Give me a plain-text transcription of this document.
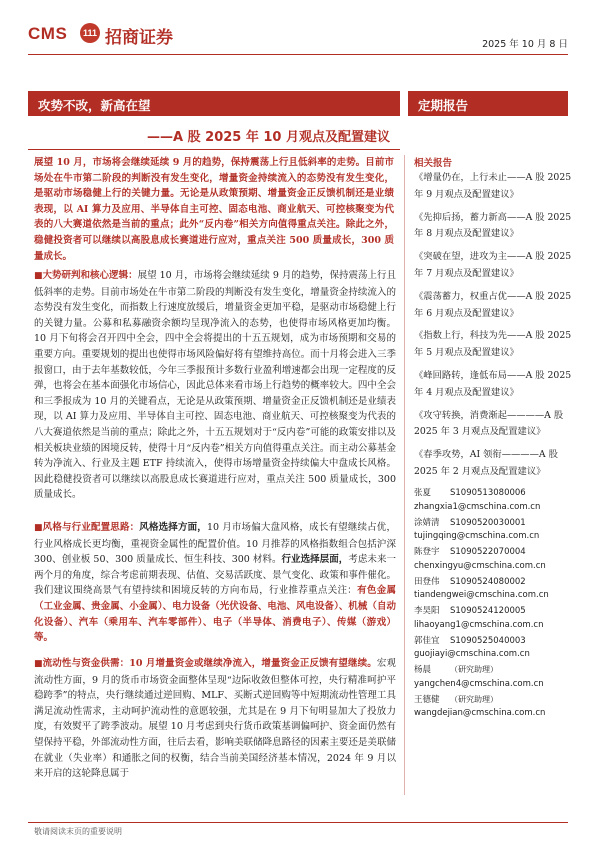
CMS	111 招商证券	2025 年 10 月 8 日
攻势不改，新高在望	定期报告
——A 股 2025 年 10 月观点及配置建议
展望 10 月，市场将会继续延续 9 月的趋势，保持震荡上行且低斜率的走势。目前市场处在牛市第二阶段的判断没有发生变化，增量资金持续流入的态势没有发生变化，是驱动市场稳健上行的关键力量。无论是从政策预期、增量资金正反馈机制还是业绩表现，以 AI 算力及应用、半导体自主可控、固态电池、商业航天、可控核聚变为代表的八大赛道依然是当前的重点；此外“反内卷”相关方向值得重点关注。除此之外，稳健投资者可以继续以高股息成长赛道进行应对，重点关注 500 质量成长，300 质量成长。

■大势研判和核心逻辑：展望 10 月，市场将会继续延续 9 月的趋势，保持震荡上行且低斜率的走势。目前市场处在牛市第二阶段的判断没有发生变化，增量资金持续流入的态势没有发生变化，而指数上行速度放缓后，增量资金更加平稳，是驱动市场稳健上行的关键力量。公募和私募融资余额均呈现净流入的态势，也使得市场风格更加均衡。10 月下旬将会召开四中全会，四中全会将提出的十五五规划，成为市场预期和交易的重要方向。重要规划的提出也使得市场风险偏好将有望维持高位。而十月将会进入三季报窗口，由于去年基数较低，今年三季报预计多数行业盈利增速都会出现一定程度的反弹，也将会在基本面强化市场信心，因此总体来看市场上行趋势的概率较大。四中全会和三季报成为 10 月的关键看点，无论是从政策预期、增量资金正反馈机制还是业绩表现，以 AI 算力及应用、半导体自主可控、固态电池、商业航天、可控核聚变为代表的八大赛道依然是当前的重点；除此之外，十五五规划对于“反内卷”可能的政策安排以及相关板块业绩的困境反转，使得十月“反内卷”相关方向值得重点关注。而主动公募基金转为净流入、行业及主题 ETF 持续流入，使得市场增量资金持续偏大中盘成长风格。因此稳健投资者可以继续以高股息成长赛道进行应对，重点关注 500 质量成长，300 质量成长。

■风格与行业配置思路：风格选择方面，10 月市场偏大盘风格，成长有望继续占优，行业风格成长更均衡，重视资金属性的配置价值。10 月推荐的风格指数组合包括沪深 300、创业板 50、300 质量成长、恒生科技、300 材料。行业选择层面，考虑未来一两个月的角度，综合考虑前期表现、估值、交易活跃度、景气变化、政策和事件催化。我们建议围绕高景气有望持续和困境反转的方向布局，行业推荐重点关注：有色金属（工业金属、贵金属、小金属）、电力设备（光伏设备、电池、风电设备）、机械（自动化设备）、汽车（乘用车、汽车零部件）、电子（半导体、消费电子）、传媒（游戏）等。

■流动性与资金供需：10 月增量资金或继续净流入，增量资金正反馈有望继续。宏观流动性方面，9 月的货币市场资金面整体呈现“边际收敛但整体可控，央行精准呵护平稳跨季”的特点，央行继续通过逆回购、MLF、买断式逆回购等中短期流动性管理工具满足流动性需求，主动呵护流动性的意愿较强，尤其是在 9 月下旬明显加大了投放力度，有效熨平了跨季波动。展望 10 月考虑到央行货币政策基调偏呵护、资金面仍然有望保持平稳，外部流动性方面，往后去看，影响美联储降息路径的因素主要还是美联储在就业（失业率）和通胀之间的权衡，结合当前美国经济基本情况，2024 年 9 月以来开启的这轮降息属于

相关报告
《增量仍在，上行未止——A 股 2025 年 9 月观点及配置建议》
《先抑后扬，蓄力新高——A 股 2025 年 8 月观点及配置建议》
《突破在望，进攻为主——A 股 2025 年 7 月观点及配置建议》
《震荡蓄力，权重占优——A 股 2025 年 6 月观点及配置建议》
《指数上行，科技为先——A 股 2025 年 5 月观点及配置建议》
《峰回路转，逢低布局——A 股 2025 年 4 月观点及配置建议》
《攻守转换，消费渐起————A 股 2025 年 3 月观点及配置建议》
《春季攻势，AI 领衔————A 股 2025 年 2 月观点及配置建议》
张夏 S1090513080006
zhangxia1@cmschina.com.cn
涂婧清 S1090520030001
tujingqing@cmschina.com.cn
陈登宇 S1090522070004
chenxingyu@cmschina.com.cn
田登伟 S1090524080002
tiandengwei@cmschina.com.cn
李昊阳 S1090524120005
lihaoyang1@cmschina.com.cn
郭佳宜 S1090525040003
guojiayi@cmschina.com.cn
杨晨 （研究助理）
yangchen4@cmschina.com.cn
王德健 （研究助理）
wangdejian@cmschina.com.cn
敬请阅读末页的重要说明
